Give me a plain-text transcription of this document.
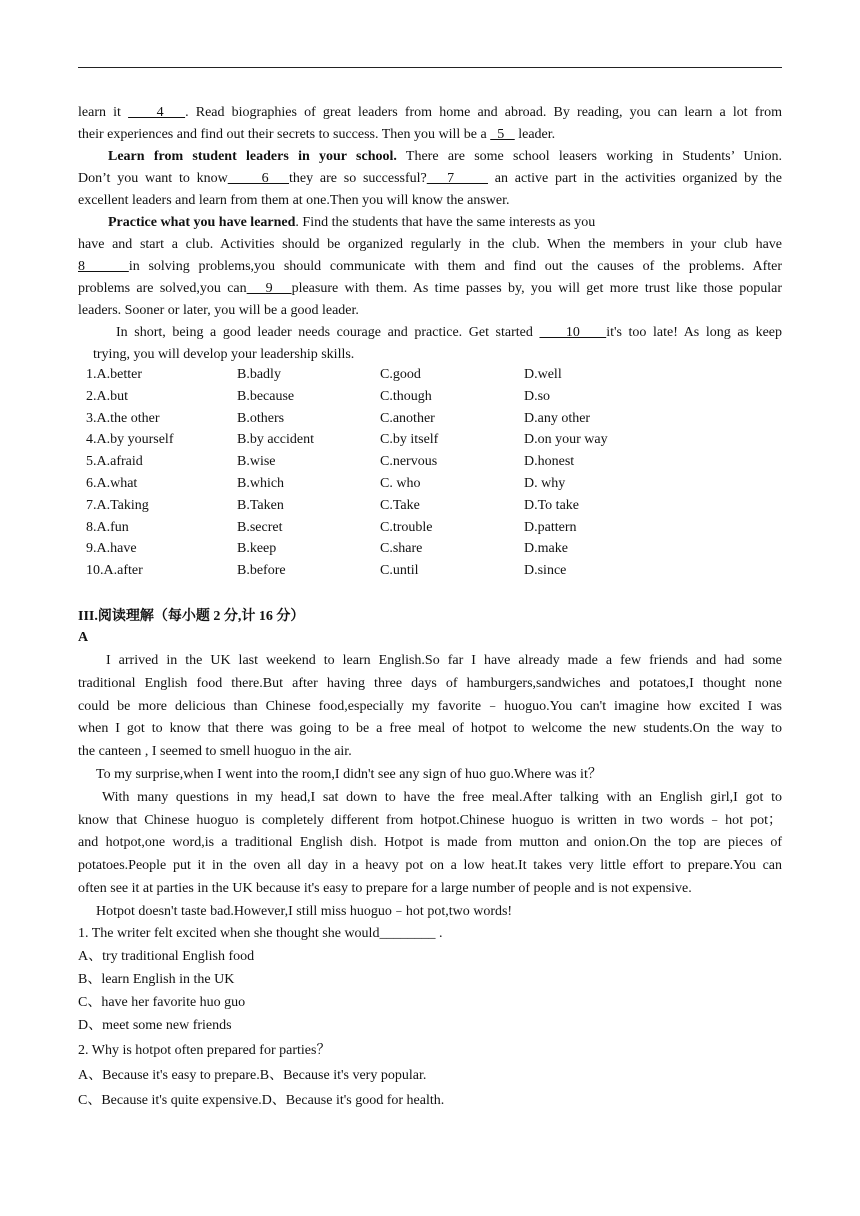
learn it     4   . Read biographies of great leaders from home and abroad. By reading, you can learn a lot from
their experiences and find out their secrets to success. Then you will be a   5    leader.
Learn from student leaders in your school. There are some school leasers working in Students’ Union.
Don’t you want to know     6   they are so successful?   7      an active part in the activities organized by the
excellent leaders and learn from them at one.Then you will know the answer.
Practice what you have learned. Find the students that have the same interests as you
have and start a club. Activities should be organized regularly in the club. When the members in your club have
8     in solving problems,you should communicate with them and find out the causes of the problems. After
problems are solved,you can   9   pleasure with them. As time passes by, you will get more trust like those popular
leaders. Sooner or later, you will be a good leader.
In short, being a good leader needs courage and practice. Get started     10    it's too late! As long as keep
trying, you will develop your leadership skills.
1.A.better	B.badly	C.good	D.well
2.A.but	B.because	C.though	D.so
3.A.the other	B.others	C.another	D.any other
4.A.by yourself	B.by accident	C.by itself	D.on your way
5.A.afraid	B.wise	C.nervous	D.honest
6.A.what	B.which	C. who	D. why
7.A.Taking	B.Taken	C.Take	D.To take
8.A.fun	B.secret	C.trouble	D.pattern
9.A.have	B.keep	C.share	D.make
10.A.after	B.before	C.until	D.since
III.阅读理解（每小题 2 分,计 16 分）
A
I arrived in the UK last weekend to learn English.So far I have already made a few friends and had some
traditional English food there.But after having three days of hamburgers,sandwiches and potatoes,I thought none
could be more delicious than Chinese food,especially my favorite﹣huoguo.You can't imagine how excited I was
when I got to know that there was going to be a free meal of hotpot to welcome the new students.On the way to
the canteen , I seemed to smell huoguo in the air.
To my surprise,when I went into the room,I didn't see any sign of huo guo.Where was it？
With many questions in my head,I sat down to have the free meal.After talking with an English girl,I got to
know that Chinese huoguo is completely different from hotpot.Chinese huoguo is written in two words﹣hot pot；
and hotpot,one word,is a traditional English dish. Hotpot is made from mutton and onion.On the top are pieces of
potatoes.People put it in the oven all day in a heavy pot on a low heat.It takes very little effort to prepare.You can
often see it at parties in the UK because it's easy to prepare for a large number of people and is not expensive.
Hotpot doesn't taste bad.However,I still miss huoguo﹣hot pot,two words!
1. The writer felt excited when she thought she would________ .
A、try traditional English food
B、learn English in the UK
C、have her favorite huo guo
D、meet some new friends
2. Why is hotpot often prepared for parties？
A、Because it's easy to prepare.B、Because it's very popular.
C、Because it's quite expensive.D、Because it's good for health.
